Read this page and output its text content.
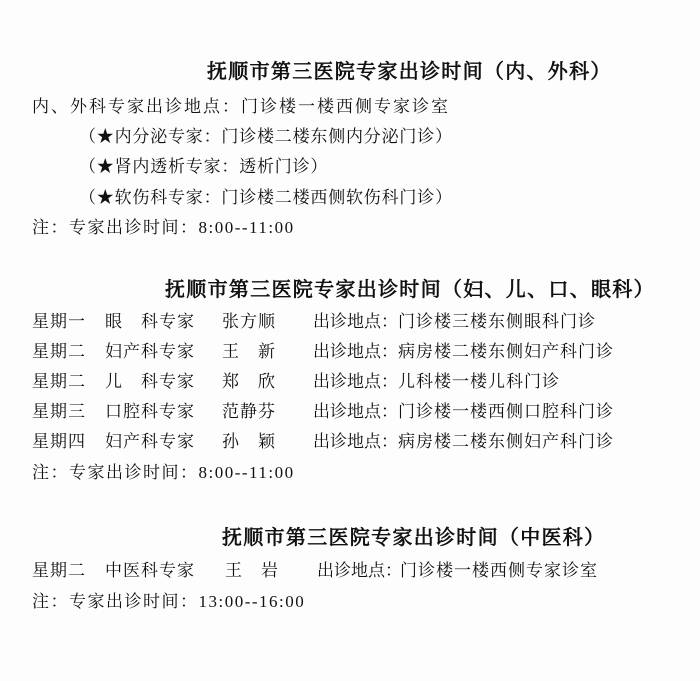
抚顺市第三医院专家出诊时间（内、外科）
内、外科专家出诊地点：门诊楼一楼西侧专家诊室
（★内分泌专家：门诊楼二楼东侧内分泌门诊）
（★肾内透析专家：透析门诊）
（★软伤科专家：门诊楼二楼西侧软伤科门诊）
注：专家出诊时间：8:00--11:00
抚顺市第三医院专家出诊时间（妇、儿、口、眼科）
星期一 眼　科专家 张方顺 出诊地点： 门诊楼三楼东侧眼科门诊
星期二 妇产科专家 王　新 出诊地点： 病房楼二楼东侧妇产科门诊
星期二 儿　科专家 郑　欣 出诊地点： 儿科楼一楼儿科门诊
星期三 口腔科专家 范静芬 出诊地点： 门诊楼一楼西侧口腔科门诊
星期四 妇产科专家 孙　颖 出诊地点： 病房楼二楼东侧妇产科门诊
注：专家出诊时间：8:00--11:00
抚顺市第三医院专家出诊时间（中医科）
星期二 中医科专家 王　岩 出诊地点：
门诊楼一楼西侧专家诊室
注：专家出诊时间：13:00--16:00
